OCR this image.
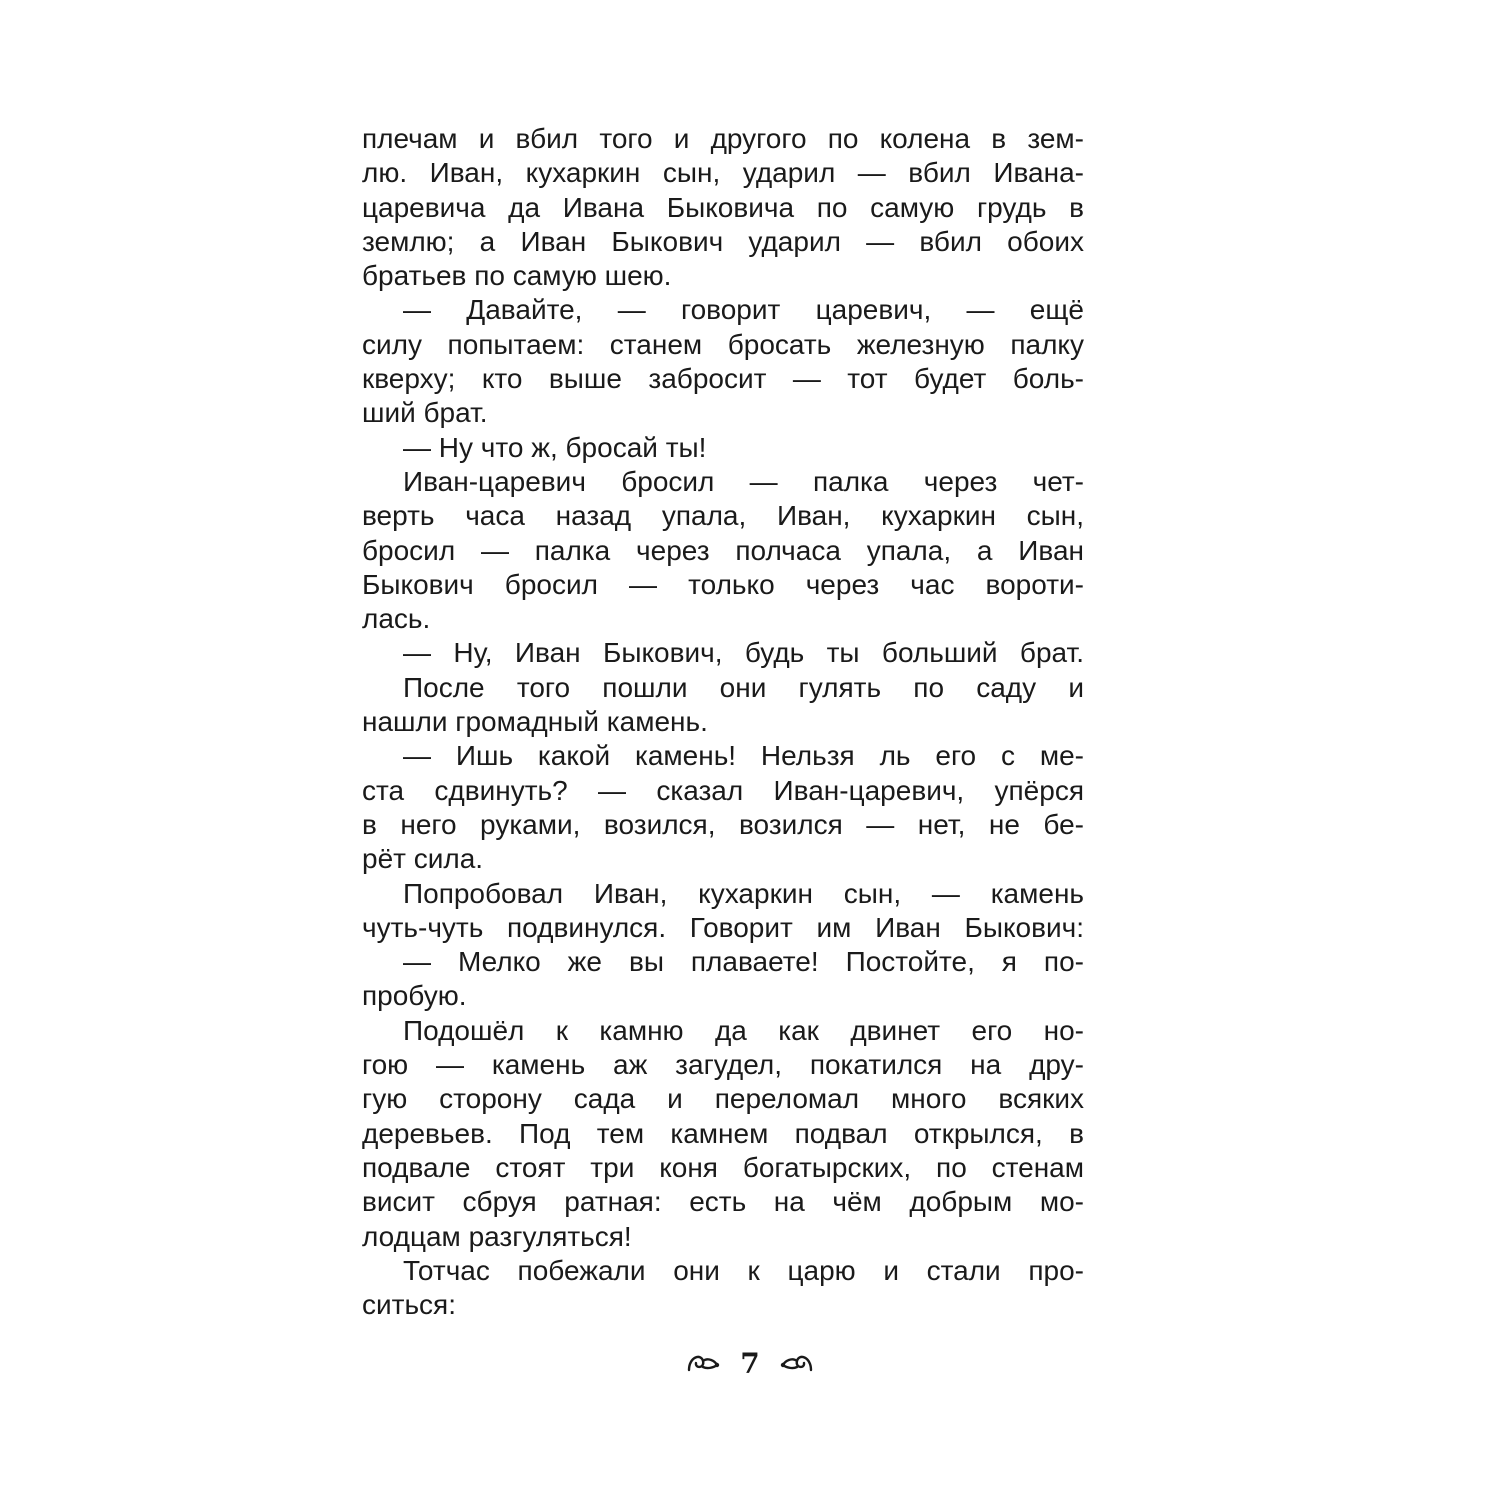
плечам и вбил того и другого по колена в зем-
лю. Иван, кухаркин сын, ударил — вбил Ивана-
царевича да Ивана Быковича по самую грудь в
землю; а Иван Быкович ударил — вбил обоих
братьев по самую шею.
— Давайте, — говорит царевич, — ещё
силу попытаем: станем бросать железную палку
кверху; кто выше забросит — тот будет боль-
ший брат.
— Ну что ж, бросай ты!
Иван-царевич бросил — палка через чет-
верть часа назад упала, Иван, кухаркин сын,
бросил — палка через полчаса упала, а Иван
Быкович бросил — только через час вороти-
лась.
— Ну, Иван Быкович, будь ты больший брат.
После того пошли они гулять по саду и
нашли громадный камень.
— Ишь какой камень! Нельзя ль его с ме-
ста сдвинуть? — сказал Иван-царевич, упёрся
в него руками, возился, возился — нет, не бе-
рёт сила.
Попробовал Иван, кухаркин сын, — камень
чуть-чуть подвинулся. Говорит им Иван Быкович:
— Мелко же вы плаваете! Постойте, я по-
пробую.
Подошёл к камню да как двинет его но-
гою — камень аж загудел, покатился на дру-
гую сторону сада и переломал много всяких
деревьев. Под тем камнем подвал открылся, в
подвале стоят три коня богатырских, по стенам
висит сбруя ратная: есть на чём добрым мо-
лодцам разгуляться!
Тотчас побежали они к царю и стали про-
ситься:
7
